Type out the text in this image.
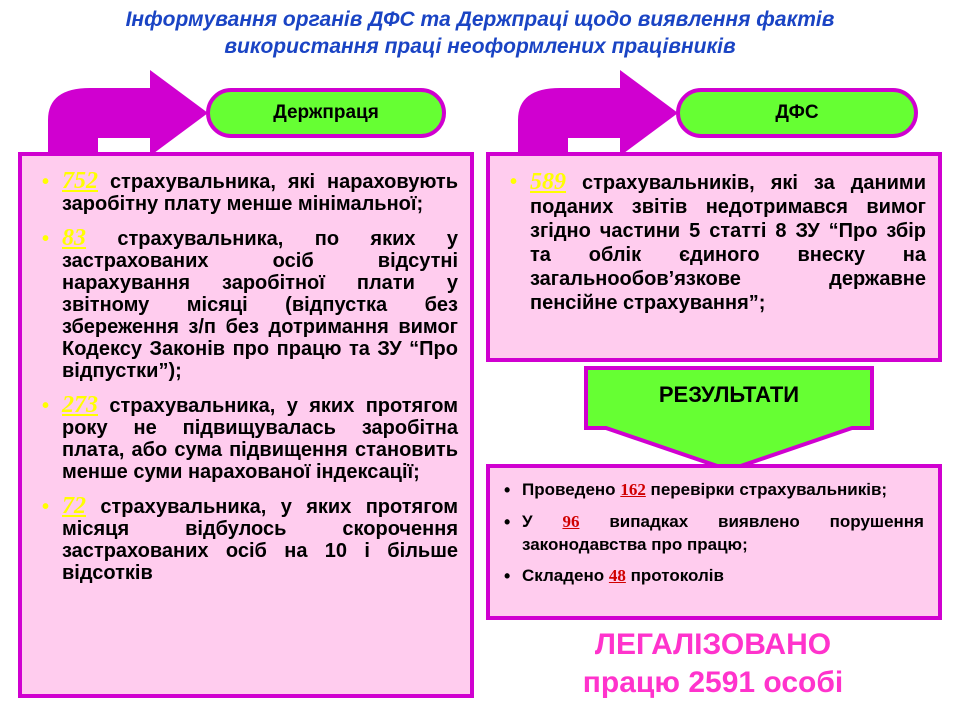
Інформування органів ДФС та Держпраці щодо виявлення фактів
використання праці неоформлених працівників
Держпраця	ДФС
• 752 страхувальника, які нараховують заробітну плату менше мінімальної;
• 83 страхувальника, по яких у застрахованих осіб відсутні нарахування заробітної плати у звітному місяці (відпустка без збереження з/п без дотримання вимог Кодексу Законів про працю та ЗУ “Про відпустки”);
• 273 страхувальника, у яких протягом року не підвищувалась заробітна плата, або сума підвищення становить менше суми нарахованої індексації;
• 72 страхувальника, у яких протягом місяця відбулось скорочення застрахованих осіб на 10 і більше відсотків
• 589 страхувальників, які за даними поданих звітів недотримався вимог згідно частини 5 статті 8 ЗУ “Про збір та облік єдиного внеску на загальнообов’язкове державне пенсійне страхування”;
РЕЗУЛЬТАТИ
• Проведено 162 перевірки страхувальників;
• У 96 випадках виявлено порушення законодавства про працю;
• Складено 48 протоколів
ЛЕГАЛІЗОВАНО
працю 2591 особі
